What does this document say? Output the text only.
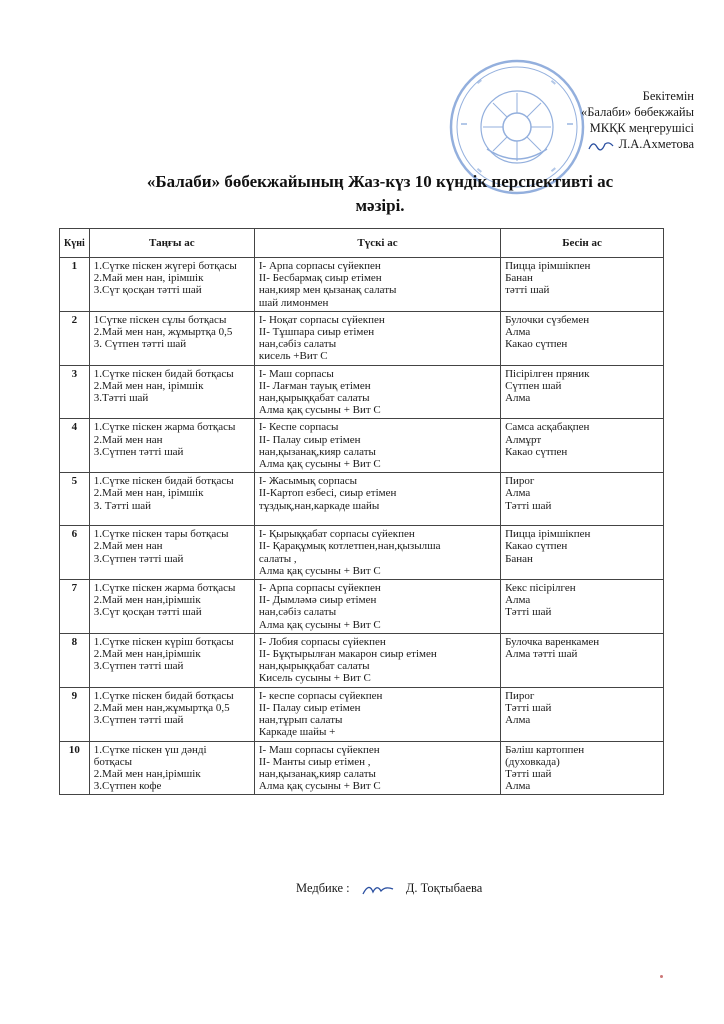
Бекітемін
«Балаби» бөбекжайы
МКҚК меңгерушісі
Л.А.Ахметова
«Балаби» бөбекжайының Жаз-күз 10 күндік перспективті ас
мәзірі.
Күні	Таңғы ас	Түскі ас	Бесін ас
1	1.Сүтке піскен жүгері ботқасы
2.Май мен нан, ірімшік
3.Сүт қосқан тәтті шай	I- Арпа сорпасы сүйекпен
II- Бесбармақ сиыр етімен
нан,кияр мен қызанақ салаты
шай лимонмен	Пицца ірімшікпен
Банан
тәтті шай

2	1Сүтке піскен сұлы ботқасы
2.Май мен нан, жұмыртқа 0,5
3. Сүтпен тәтті шай	I- Ноқат сорпасы сүйекпен
II- Тұшпара сиыр етімен
нан,сәбіз салаты
кисель +Вит С	Булочки сүзбемен
Алма
Какао сүтпен

3	1.Сүтке піскен бидай ботқасы
2.Май мен нан, ірімшік
3.Тәтті шай	I- Маш сорпасы
II- Лағман тауық етімен
нан,қырыққабат салаты
Алма қақ сусыны + Вит С	Пісірілген пряник
Сүтпен шай
Алма

4	1.Сүтке піскен жарма ботқасы
2.Май мен нан
3.Сүтпен тәтті шай	I- Кеспе сорпасы
II- Палау сиыр етімен
нан,қызанақ,кияр салаты
Алма қақ сусыны + Вит С	Самса асқабақпен
Алмұрт
Какао сүтпен

5	1.Сүтке піскен бидай ботқасы
2.Май мен нан, ірімшік
3. Тәтті шай	I- Жасымық сорпасы
II-Картоп езбесі, сиыр етімен
тұздық,нан,каркаде шайы	Пирог
Алма
Тәтті шай

6	1.Сүтке піскен тары ботқасы
2.Май мен нан
3.Сүтпен тәтті шай	I- Қырыққабат сорпасы сүйекпен
II- Қарақұмық котлетпен,нан,қызылша
салаты ,
Алма қақ сусыны + Вит С	Пицца ірімшікпен
Какао сүтпен
Банан

7	1.Сүтке піскен жарма ботқасы
2.Май мен нан,ірімшік
3.Сүт қосқан тәтті шай	I- Арпа сорпасы сүйекпен
II- Дымләмә сиыр етімен
нан,сәбіз салаты
Алма қақ сусыны + Вит С	Кекс пісірілген
Алма
Тәтті шай

8	1.Сүтке піскен күріш ботқасы
2.Май мен нан,ірімшік
3.Сүтпен тәтті шай	I- Лобия сорпасы сүйекпен
II- Бұқтырылған макарон сиыр етімен
нан,қырыққабат салаты
Кисель сусыны + Вит С	Булочка варенкамен
Алма тәтті шай

9	1.Сүтке піскен бидай ботқасы
2.Май мен нан,жұмыртқа 0,5
3.Сүтпен тәтті шай	I- кеспе сорпасы сүйекпен
II- Палау сиыр етімен
нан,тұрып салаты
Каркаде шайы +	Пирог
Тәтті шай
Алма

10	1.Сүтке піскен үш дәнді
ботқасы
2.Май мен нан,ірімшік
3.Сүтпен кофе	I- Маш сорпасы сүйекпен
II- Манты сиыр етімен ,
нан,қызанақ,кияр салаты
Алма қақ сусыны + Вит С	Бәліш картоппен
(духовкада)
Тәтті шай
Алма
Медбике :	Д. Тоқтыбаева
